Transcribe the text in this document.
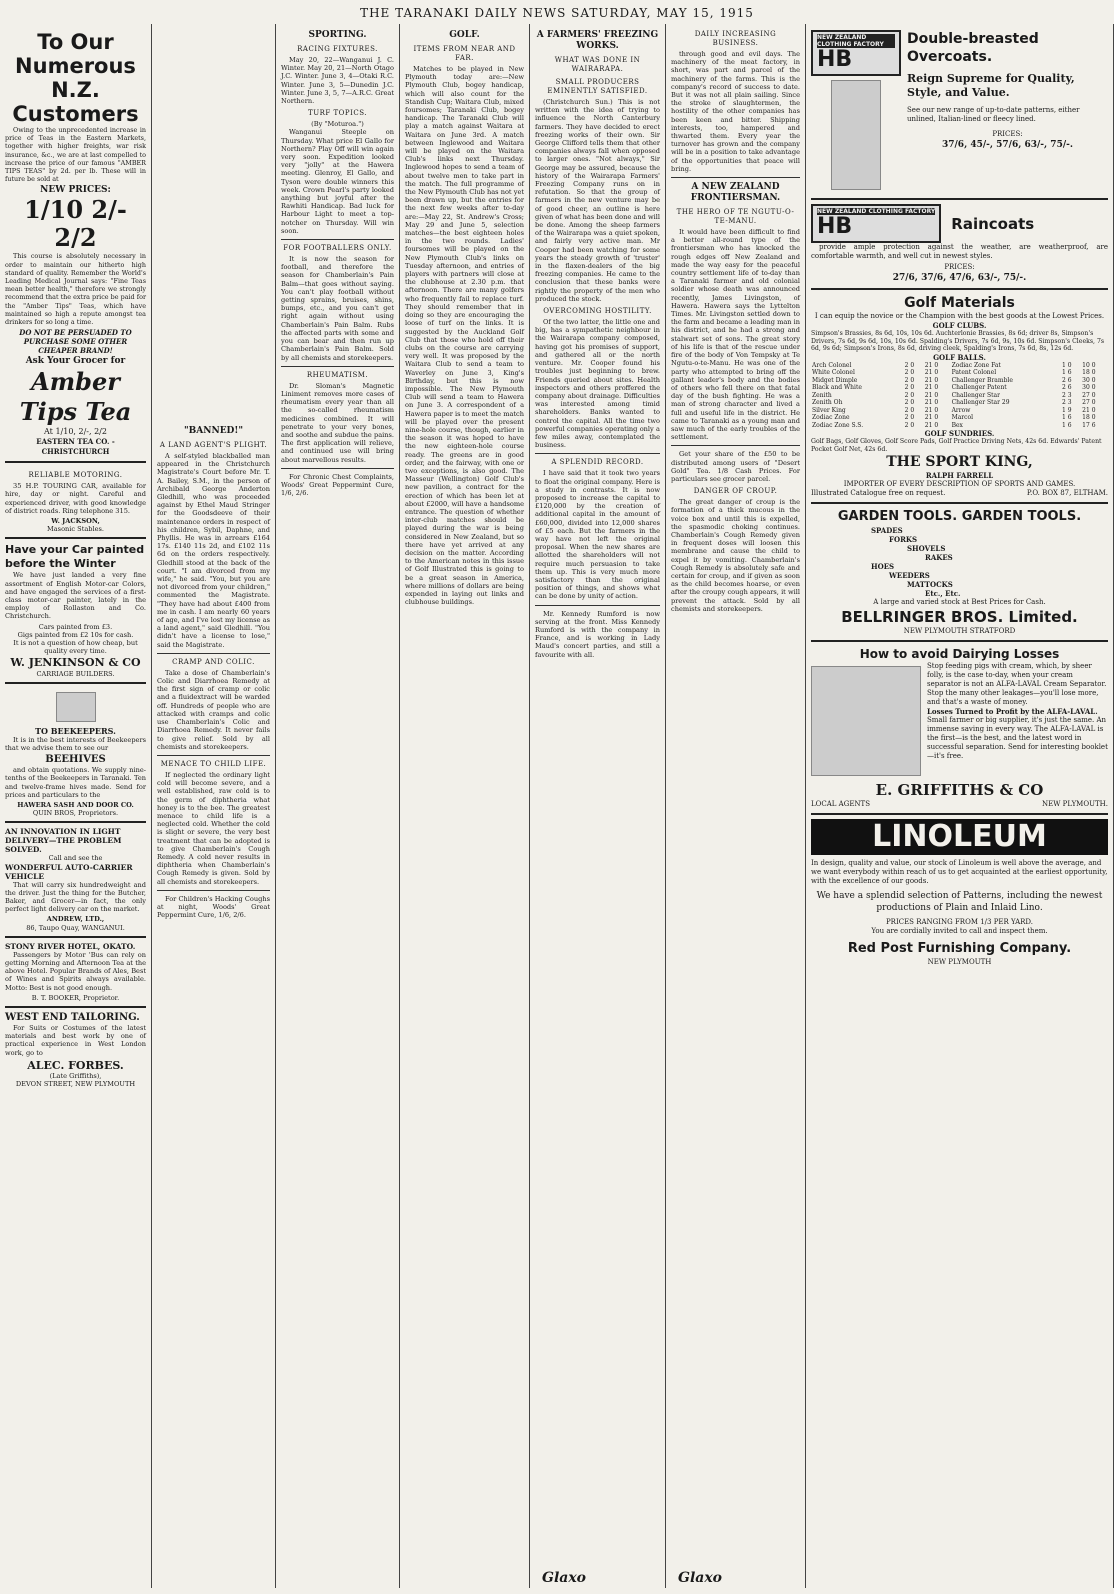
THE TARANAKI DAILY NEWS SATURDAY, MAY 15, 1915
To Our Numerous N.Z. Customers

Owing to the unprecedented increase in price of Teas in the Eastern Markets, together with higher freights, war risk insurance, &c., we are at last compelled to increase the price of our famous "AMBER TIPS TEAS" by 2d. per lb. These will in future be sold at

NEW PRICES:
1/10 2/- 2/2

This course is absolutely necessary in order to maintain our hitherto high standard of quality. Remember the World's Leading Medical Journal says: "Fine Teas mean better health," therefore we strongly recommend that the extra price be paid for the "Amber Tips" Teas, which have maintained so high a repute amongst tea drinkers for so long a time.

DO NOT BE PERSUADED TO PURCHASE SOME OTHER CHEAPER BRAND!
Ask Your Grocer for
Amber Tips Tea
At 1/10, 2/-, 2/2
EASTERN TEA CO. - CHRISTCHURCH
RELIABLE MOTORING.

35 H.P. TOURING CAR, available for hire, day or night. Careful and experienced driver, with good knowledge of district roads. Ring telephone 315.

W. JACKSON,
Masonic Stables.
Have your Car painted before the Winter

We have just landed a very fine assortment of English Motor-car Colors, and have engaged the services of a first-class motor-car painter, lately in the employ of Rollaston and Co. Christchurch.

Cars painted from £3.
Gigs painted from £2 10s for cash.
It is not a question of how cheap, but quality every time.
W. JENKINSON & CO
CARRIAGE BUILDERS.
TO BEEKEEPERS.

It is in the best interests of Beekeepers that we advise them to see our

BEEHIVES

and obtain quotations. We supply nine-tenths of the Beekeepers in Taranaki. Ten and twelve-frame hives made. Send for prices and particulars to the

HAWERA SASH AND DOOR CO.
QUIN BROS, Proprietors.
AN INNOVATION IN LIGHT DELIVERY—THE PROBLEM SOLVED.
Call and see the
WONDERFUL AUTO-CARRIER VEHICLE

That will carry six hundredweight and the driver. Just the thing for the Butcher, Baker, and Grocer—in fact, the only perfect light delivery car on the market.

ANDREW, LTD.,
86, Taupo Quay, WANGANUI.
STONY RIVER HOTEL, OKATO.

Passengers by Motor 'Bus can rely on getting Morning and Afternoon Tea at the above Hotel. Popular Brands of Ales, Best of Wines and Spirits always available. Motto: Best is not good enough.

B. T. BOOKER, Proprietor.
WEST END TAILORING.

For Suits or Costumes of the latest materials and best work by one of practical experience in West London work, go to

ALEC. FORBES.
(Late Griffiths),
DEVON STREET, NEW PLYMOUTH
"BANNED!"
A LAND AGENT'S PLIGHT.

A self-styled blackballed man appeared in the Christchurch Magistrate's Court before Mr. T. A. Bailey, S.M., in the person of Archibald George Anderton Gledhill, who was proceeded against by Ethel Maud Stringer for the Goodsdeeve of their maintenance orders in respect of his children, Sybil, Daphne, and Phyllis. He was in arrears £164 17s. £140 11s 2d, and £102 11s 6d on the orders respectively. Gledhill stood at the back of the court. "I am divorced from my wife," he said. "You, but you are not divorced from your children," commented the Magistrate. "They have had about £400 from me in cash. I am nearly 60 years of age, and I've lost my license as a land agent," said Gledhill. "You didn't have a license to lose," said the Magistrate.

CRAMP AND COLIC.

Take a dose of Chamberlain's Colic and Diarrhoea Remedy at the first sign of cramp or colic and a fluidextract will be warded off. Hundreds of people who are attacked with cramps and colic use Chamberlain's Colic and Diarrhoea Remedy. It never fails to give relief. Sold by all chemists and storekeepers.

MENACE TO CHILD LIFE.

If neglected the ordinary light cold will become severe, and a well established, raw cold is to the germ of diphtheria what honey is to the bee. The greatest menace to child life is a neglected cold. Whether the cold is slight or severe, the very best treatment that can be adopted is to give Chamberlain's Cough Remedy. A cold never results in diphtheria when Chamberlain's Cough Remedy is given. Sold by all chemists and storekeepers.

For Children's Hacking Coughs at night, Woods' Great Peppermint Cure, 1/6, 2/6.

SPORTING.
RACING FIXTURES.

May 20, 22—Wanganui J. C. Winter. May 20, 21—North Otago J.C. Winter. June 3, 4—Otaki R.C. Winter. June 3, 5—Dunedin J.C. Winter. June 3, 5, 7—A.R.C. Great Northern.

TURF TOPICS.
(By "Moturoa.")

Wanganui Steeple on Thursday. What price El Gallo for Northern? Play Off will win again very soon. Expedition looked very "jolly" at the Hawera meeting. Glenroy, El Gallo, and Tyson were double winners this week. Crown Pearl's party looked anything but joyful after the Rawhiti Handicap. Bad luck for Harbour Light to meet a top-notcher on Thursday. Will win soon.

FOR FOOTBALLERS ONLY.

It is now the season for football, and therefore the season for Chamberlain's Pain Balm—that goes without saying. You can't play football without getting sprains, bruises, shins, bumps, etc., and you can't get right again without using Chamberlain's Pain Balm. Rubs the affected parts with some and you can bear and then run up Chamberlain's Pain Balm. Sold by all chemists and storekeepers.

RHEUMATISM.

Dr. Sloman's Magnetic Liniment removes more cases of rheumatism every year than all the so-called rheumatism medicines combined. It will penetrate to your very bones, and soothe and subdue the pains. The first application will relieve, and continued use will bring about marvellous results.

For Chronic Chest Complaints, Woods' Great Peppermint Cure, 1/6, 2/6.

GOLF.
ITEMS FROM NEAR AND FAR.

Matches to be played in New Plymouth today are:—New Plymouth Club, bogey handicap, which will also count for the Standish Cup; Waitara Club, mixed foursomes; Taranaki Club, bogey handicap. The Taranaki Club will play a match against Waitara at Waitara on June 3rd. A match between Inglewood and Waitara will be played on the Waitara Club's links next Thursday. Inglewood hopes to send a team of about twelve men to take part in the match. The full programme of the New Plymouth Club has not yet been drawn up, but the entries for the next few weeks after to-day are:—May 22, St. Andrew's Cross; May 29 and June 5, selection matches—the best eighteen holes in the two rounds. Ladies' foursomes will be played on the New Plymouth Club's links on Tuesday afternoon, and entries of players with partners will close at the clubhouse at 2.30 p.m. that afternoon. There are many golfers who frequently fail to replace turf. They should remember that in doing so they are encouraging the loose of turf on the links. It is suggested by the Auckland Golf Club that those who hold off their clubs on the course are carrying very well. It was proposed by the Waitara Club to send a team to Waverley on June 3, King's Birthday, but this is now impossible. The New Plymouth Club will send a team to Hawera on June 3. A correspondent of a Hawera paper is to meet the match will be played over the present nine-hole course, though, earlier in the season it was hoped to have the new eighteen-hole course ready. The greens are in good order, and the fairway, with one or two exceptions, is also good. The Masseur (Wellington) Golf Club's new pavilion, a contract for the erection of which has been let at about £2000, will have a handsome entrance. The question of whether inter-club matches should be played during the war is being considered in New Zealand, but so there have yet arrived at any decision on the matter. According to the American notes in this issue of Golf Illustrated this is going to be a great season in America, where millions of dollars are being expended in laying out links and clubhouse buildings.

A FARMERS' FREEZING WORKS.
WHAT WAS DONE IN WAIRARAPA.
SMALL PRODUCERS EMINENTLY SATISFIED.

(Christchurch Sun.) This is not written with the idea of trying to influence the North Canterbury farmers. They have decided to erect freezing works of their own. Sir George Clifford tells them that other companies always fall when opposed to larger ones. "Not always," Sir George may be assured, because the history of the Wairarapa Farmers' Freezing Company runs on in refutation. So that the group of farmers in the new venture may be of good cheer, an outline is here given of what has been done and will be done. Among the sheep farmers of the Wairarapa was a quiet spoken, and fairly very active man. Mr Cooper had been watching for some years the steady growth of 'truster' in the flaxen-dealers of the big freezing companies. He came to the conclusion that these banks were rightly the property of the men who produced the stock.

OVERCOMING HOSTILITY.

Of the two latter, the little one and big, has a sympathetic neighbour in the Wairarapa company composed, having got his promises of support, and gathered all or the north venture. Mr. Cooper found his troubles just beginning to brew. Friends queried about sites. Health inspectors and others proffered the company about drainage. Difficulties was interested among timid shareholders. Banks wanted to control the capital. All the time two powerful companies operating only a few miles away, contemplated the business.

A SPLENDID RECORD.

I have said that it took two years to float the original company. Here is a study in contrasts. It is now proposed to increase the capital to £120,000 by the creation of additional capital in the amount of £60,000, divided into 12,000 shares of £5 each. But the farmers in the way have not left the original proposal. When the new shares are allotted the shareholders will not require much persuasion to take them up. This is very much more satisfactory than the original position of things, and shows what can be done by unity of action.

Mr. Kennedy Rumford is now serving at the front. Miss Kennedy Rumford is with the company in France, and is working in Lady Maud's concert parties, and still a favourite with all.

Glaxo
DAILY INCREASING BUSINESS.

through good and evil days. The machinery of the meat factory, in short, was part and parcel of the machinery of the farms. This is the company's record of success to date. But it was not all plain sailing. Since the stroke of slaughtermen, the hostility of the other companies has been keen and bitter. Shipping interests, too, hampered and thwarted them. Every year the turnover has grown and the company will be in a position to take advantage of the opportunities that peace will bring.

A NEW ZEALAND FRONTIERSMAN.
THE HERO OF TE NGUTU-O-TE-MANU.

It would have been difficult to find a better all-round type of the frontiersman who has knocked the rough edges off New Zealand and made the way easy for the peaceful country settlement life of to-day than a Taranaki farmer and old colonial soldier whose death was announced recently, James Livingston, of Hawera. Hawera says the Lyttelton Times. Mr. Livingston settled down to the farm and became a leading man in his district, and he had a strong and stalwart set of sons. The great story of his life is that of the rescue under fire of the body of Von Tempsky at Te Ngutu-o-te-Manu. He was one of the party who attempted to bring off the gallant leader's body and the bodies of others who fell there on that fatal day of the bush fighting. He was a man of strong character and lived a full and useful life in the district. He came to Taranaki as a young man and saw much of the early troubles of the settlement.

Get your share of the £50 to be distributed among users of "Desert Gold" Tea. 1/8 Cash Prices. For particulars see grocer parcel.

DANGER OF CROUP.

The great danger of croup is the formation of a thick mucous in the voice box and until this is expelled, the spasmodic choking continues. Chamberlain's Cough Remedy given in frequent doses will loosen this membrane and cause the child to expel it by vomiting. Chamberlain's Cough Remedy is absolutely safe and certain for croup, and if given as soon as the child becomes hoarse, or even after the croupy cough appears, it will prevent the attack. Sold by all chemists and storekeepers.

Glaxo
NEW ZEALAND CLOTHING FACTORY
HB
Double-breasted Overcoats.
Reign Supreme for Quality, Style, and Value.

See our new range of up-to-date patterns, either unlined, Italian-lined or fleecy lined.

PRICES:
37/6, 45/-, 57/6, 63/-, 75/-.
NEW ZEALAND CLOTHING FACTORY
HB	Raincoats

provide ample protection against the weather, are weatherproof, are comfortable warmth, and well cut in newest styles.

PRICES:
27/6, 37/6, 47/6, 63/-, 75/-.
Golf Materials
I can equip the novice or the Champion with the best goods at the Lowest Prices.
GOLF CLUBS.

Simpson's Brassies, 8s 6d, 10s, 10s 6d. Auchterlonie Brassies, 8s 6d; driver 8s, Simpson's Drivers, 7s 6d, 9s 6d, 10s, 10s 6d. Spalding's Drivers, 7s 6d, 9s, 10s 6d. Simpson's Cleeks, 7s 6d, 9s 6d; Simpson's Irons, 8s 6d, driving cleek, Spalding's Irons, 7s 6d, 8s, 12s 6d.

GOLF BALLS.
Arch Colonel	2 0	21 0	Zodiac Zone Fat	1 0	10 0
White Colonel	2 0	21 0	Patent Colonel	1 6	18 0
Midget Dimple	2 0	21 0	Challenger Bramble	2 6	30 0
Black and White	2 0	21 0	Challenger Patent	2 6	30 0
Zenith	2 0	21 0	Challenger Star	2 3	27 0
Zenith Oh	2 0	21 0	Challenger Star 29	2 3	27 0
Silver King	2 0	21 0	Arrow	1 9	21 0
Zodiac Zone	2 0	21 0	Marcol	1 6	18 0
Zodiac Zone S.S.	2 0	21 0	Bex	1 6	17 6
GOLF SUNDRIES.

Golf Bags, Golf Gloves, Golf Score Pads, Golf Practice Driving Nets, 42s 6d. Edwards' Patent Pocket Golf Net, 42s 6d.

THE SPORT KING,
RALPH FARRELL
IMPORTER OF EVERY DESCRIPTION OF SPORTS AND GAMES.
Illustrated Catalogue free on request.	P.O. BOX 87, ELTHAM.
GARDEN TOOLS. GARDEN TOOLS.
SPADES
FORKS
SHOVELS
RAKES
HOES
WEEDERS
MATTOCKS
Etc., Etc.
A large and varied stock at Best Prices for Cash.
BELLRINGER BROS. Limited.
NEW PLYMOUTH STRATFORD
How to avoid Dairying Losses

Stop feeding pigs with cream, which, by sheer folly, is the case to-day, when your cream separator is not an ALFA-LAVAL Cream Separator. Stop the many other leakages—you'll lose more, and that's a waste of money.

Losses Turned to Profit by the ALFA-LAVAL.

Small farmer or big supplier, it's just the same. An immense saving in every way. The ALFA-LAVAL is the first—is the best, and the latest word in successful separation. Send for interesting booklet—it's free.

E. GRIFFITHS & CO
LOCAL AGENTS	NEW PLYMOUTH.
LINOLEUM

In design, quality and value, our stock of Linoleum is well above the average, and we want everybody within reach of us to get acquainted at the earliest opportunity, with the excellence of our goods.

We have a splendid selection of Patterns, including the newest productions of Plain and Inlaid Lino.

PRICES RANGING FROM 1/3 PER YARD.
You are cordially invited to call and inspect them.
Red Post Furnishing Company.
NEW PLYMOUTH
